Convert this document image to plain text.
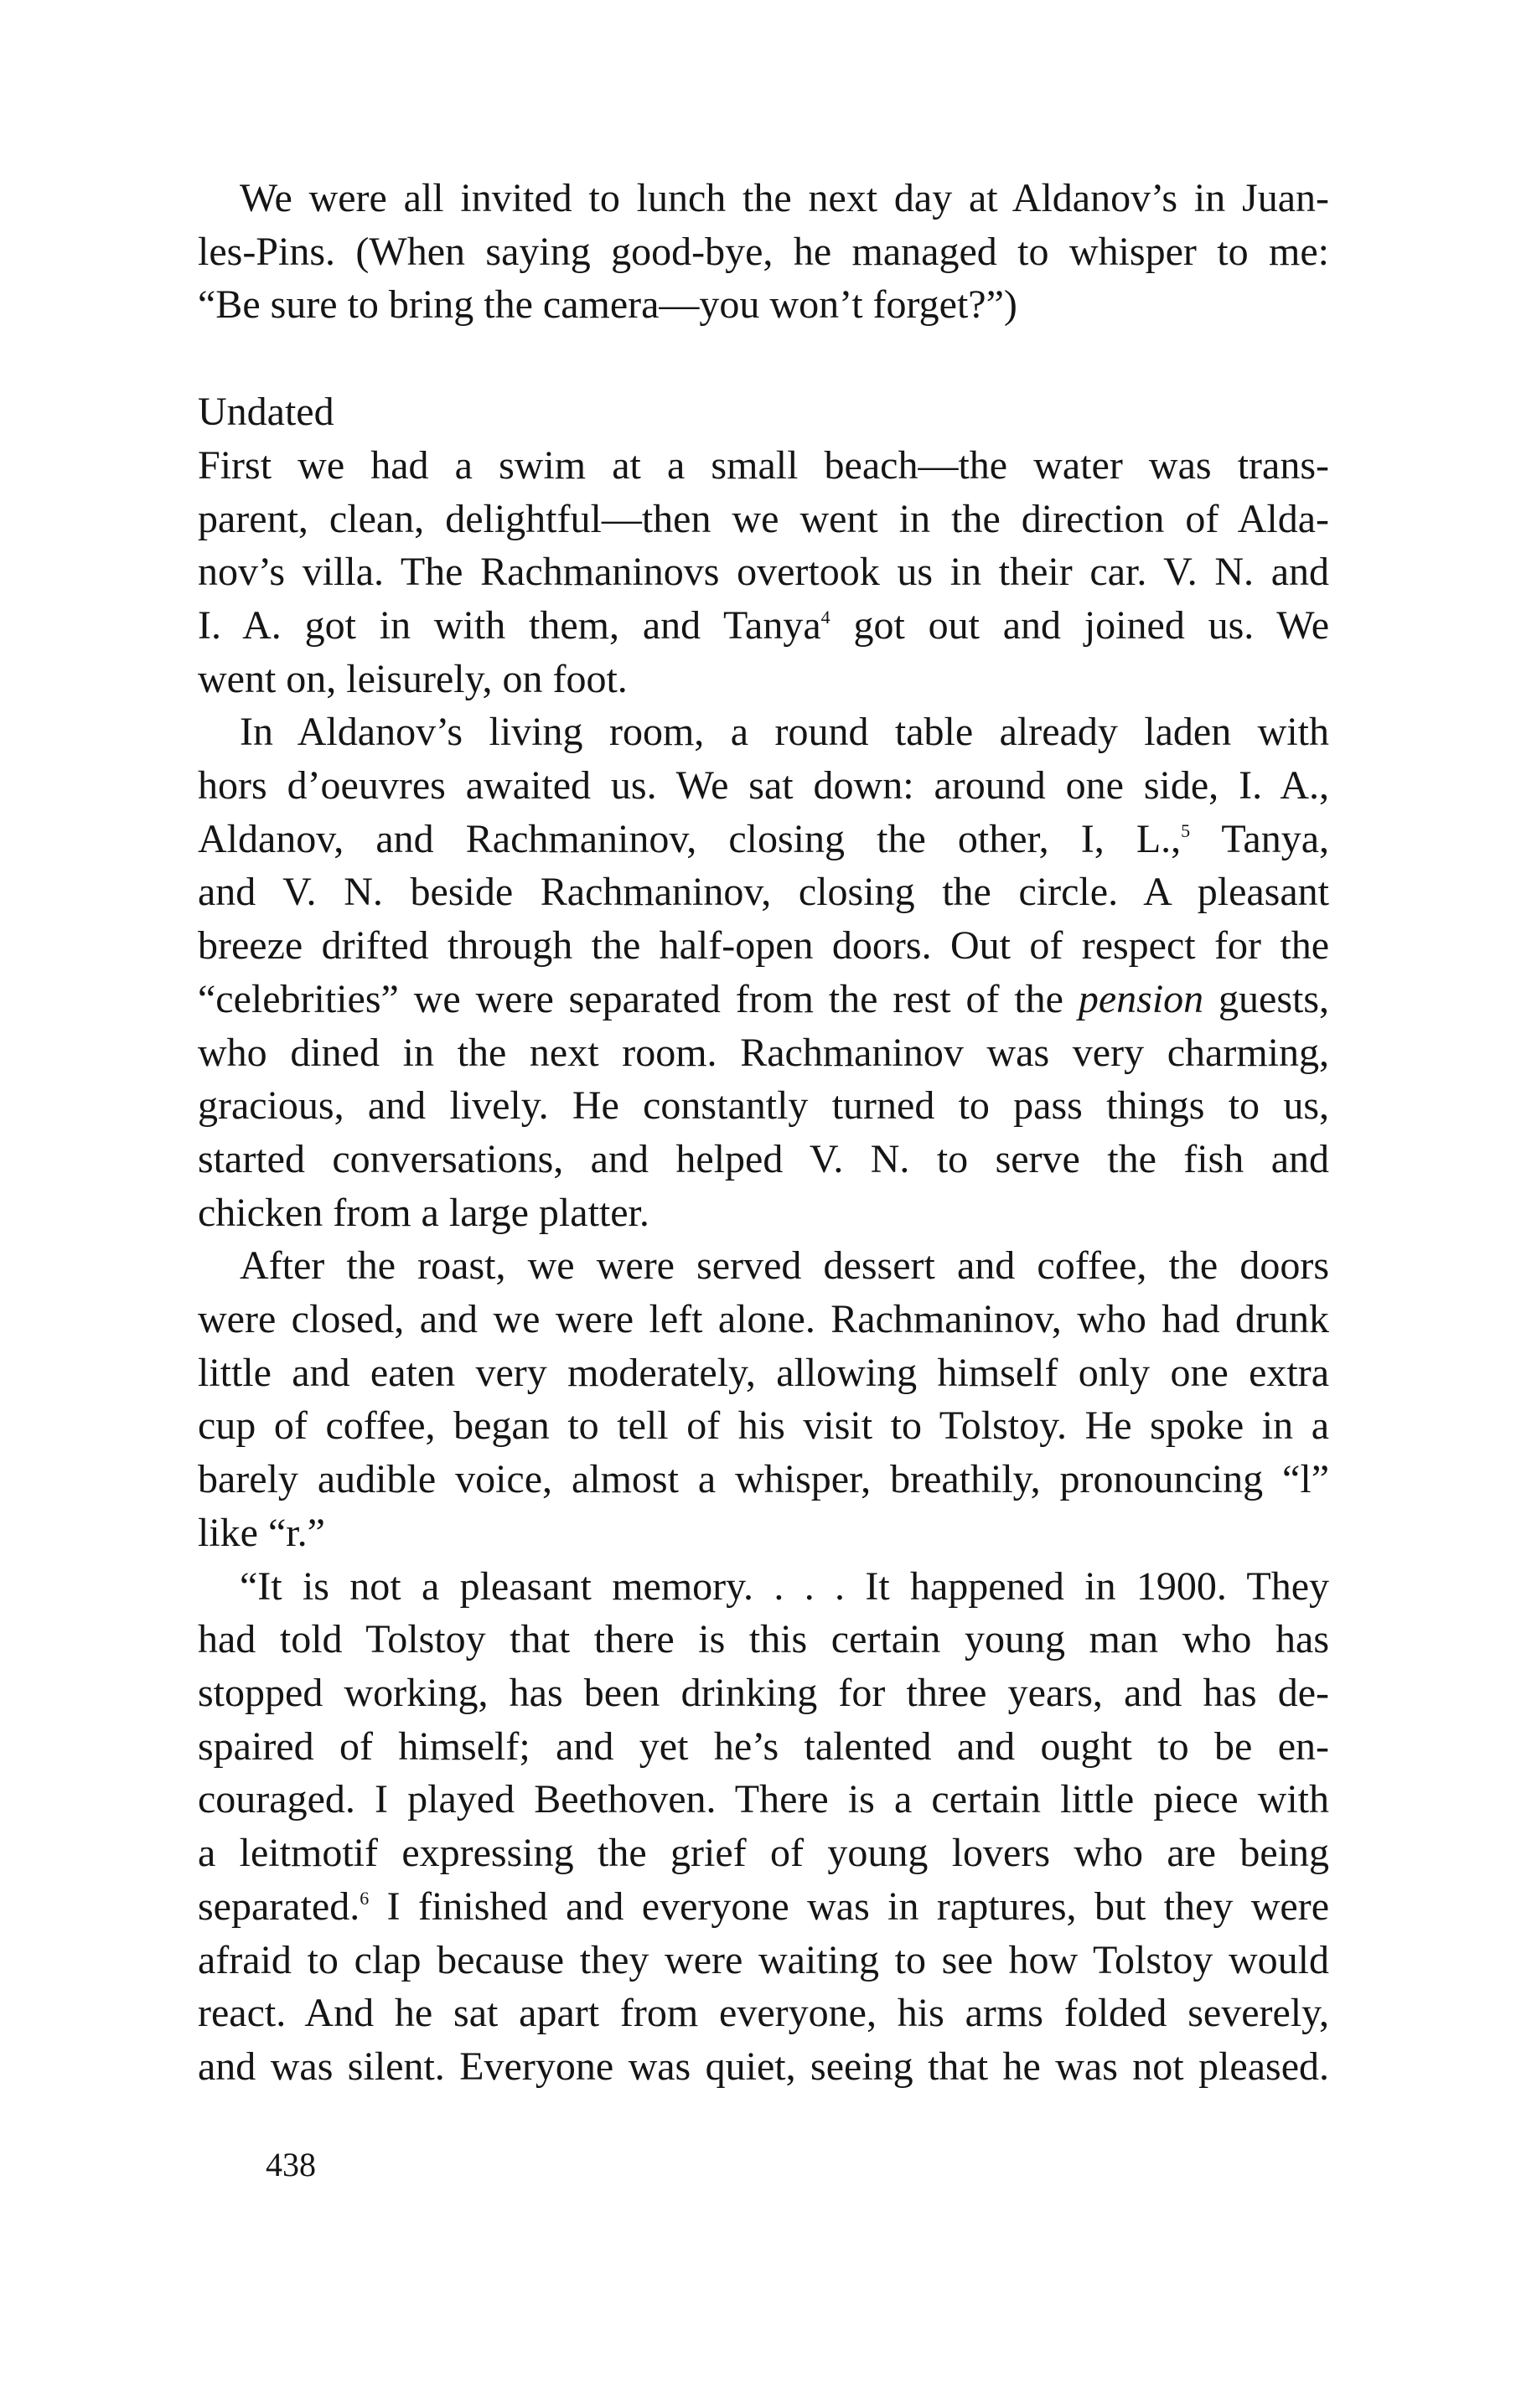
We were all invited to lunch the next day at Aldanov’s in Juan-
les-Pins. (When saying good-bye, he managed to whisper to me:
“Be sure to bring the camera—you won’t forget?”)

Undated

First we had a swim at a small beach—the water was trans-
parent, clean, delightful—then we went in the direction of Alda-
nov’s villa. The Rachmaninovs overtook us in their car. V. N. and
I. A. got in with them, and Tanya$^4$ got out and joined us. We
went on, leisurely, on foot.

In Aldanov’s living room, a round table already laden with
hors d’oeuvres awaited us. We sat down: around one side, I. A.,
Aldanov, and Rachmaninov, closing the other, I, L.,$^5$ Tanya,
and V. N. beside Rachmaninov, closing the circle. A pleasant
breeze drifted through the half-open doors. Out of respect for the
“celebrities” we were separated from the rest of the pension guests,
who dined in the next room. Rachmaninov was very charming,
gracious, and lively. He constantly turned to pass things to us,
started conversations, and helped V. N. to serve the fish and
chicken from a large platter.

After the roast, we were served dessert and coffee, the doors
were closed, and we were left alone. Rachmaninov, who had drunk
little and eaten very moderately, allowing himself only one extra
cup of coffee, began to tell of his visit to Tolstoy. He spoke in a
barely audible voice, almost a whisper, breathily, pronouncing “l”
like “r.”

“It is not a pleasant memory. . . . It happened in 1900. They
had told Tolstoy that there is this certain young man who has
stopped working, has been drinking for three years, and has de-
spaired of himself; and yet he’s talented and ought to be en-
couraged. I played Beethoven. There is a certain little piece with
a leitmotif expressing the grief of young lovers who are being
separated.$^6$ I finished and everyone was in raptures, but they were
afraid to clap because they were waiting to see how Tolstoy would
react. And he sat apart from everyone, his arms folded severely,
and was silent. Everyone was quiet, seeing that he was not pleased.

438
